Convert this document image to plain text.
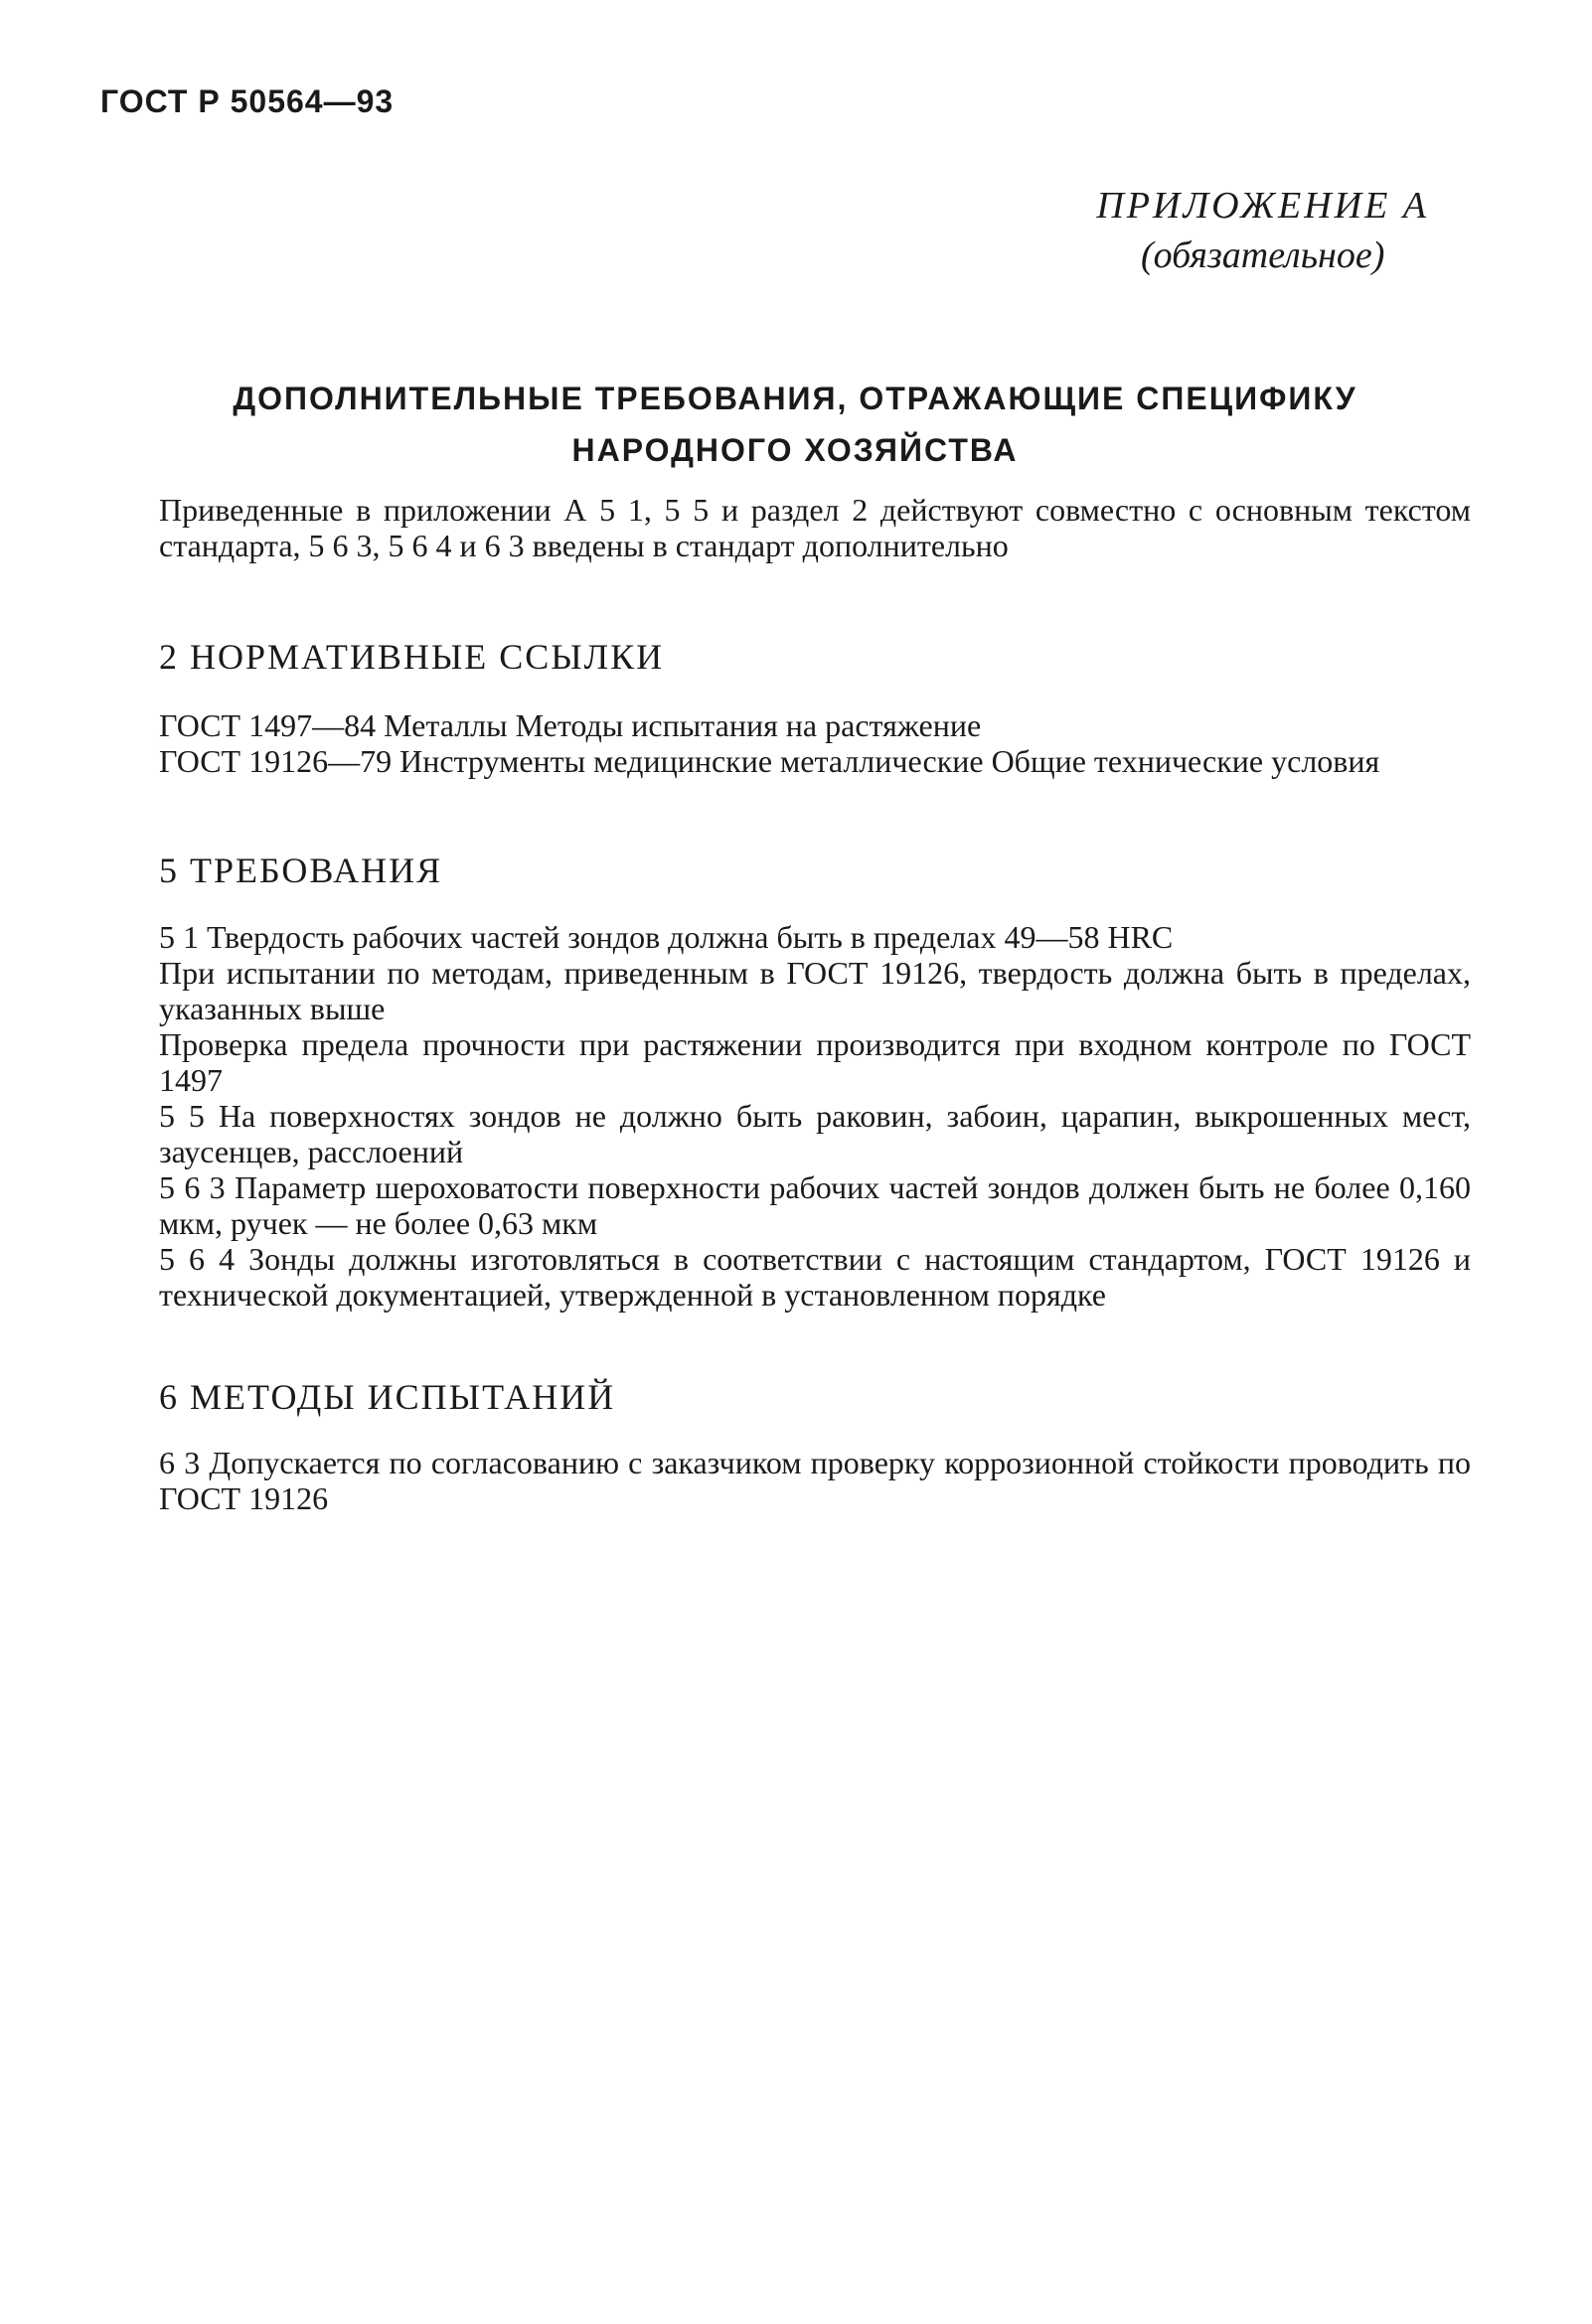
ГОСТ Р 50564—93
ПРИЛОЖЕНИЕ А
(обязательное)
ДОПОЛНИТЕЛЬНЫЕ ТРЕБОВАНИЯ, ОТРАЖАЮЩИЕ СПЕЦИФИКУ
НАРОДНОГО ХОЗЯЙСТВА

Приведенные в приложении А 5 1, 5 5 и раздел 2 действуют совместно с основным текстом стандарта, 5 6 3, 5 6 4 и 6 3 введены в стандарт дополнительно

2 НОРМАТИВНЫЕ ССЫЛКИ

ГОСТ 1497—84 Металлы Методы испытания на растяжение

ГОСТ 19126—79 Инструменты медицинские металлические Общие технические условия

5 ТРЕБОВАНИЯ

5 1 Твердость рабочих частей зондов должна быть в пределах 49—58 HRC

При испытании по методам, приведенным в ГОСТ 19126, твердость должна быть в пределах, указанных выше

Проверка предела прочности при растяжении производится при входном контроле по ГОСТ 1497

5 5 На поверхностях зондов не должно быть раковин, забоин, царапин, выкрошенных мест, заусенцев, расслоений

5 6 3 Параметр шероховатости поверхности рабочих частей зондов должен быть не более 0,160 мкм, ручек — не более 0,63 мкм

5 6 4 Зонды должны изготовляться в соответствии с настоящим стандартом, ГОСТ 19126 и технической документацией, утвержденной в установленном порядке

6 МЕТОДЫ ИСПЫТАНИЙ

6 3 Допускается по согласованию с заказчиком проверку коррозионной стойкости проводить по ГОСТ 19126
